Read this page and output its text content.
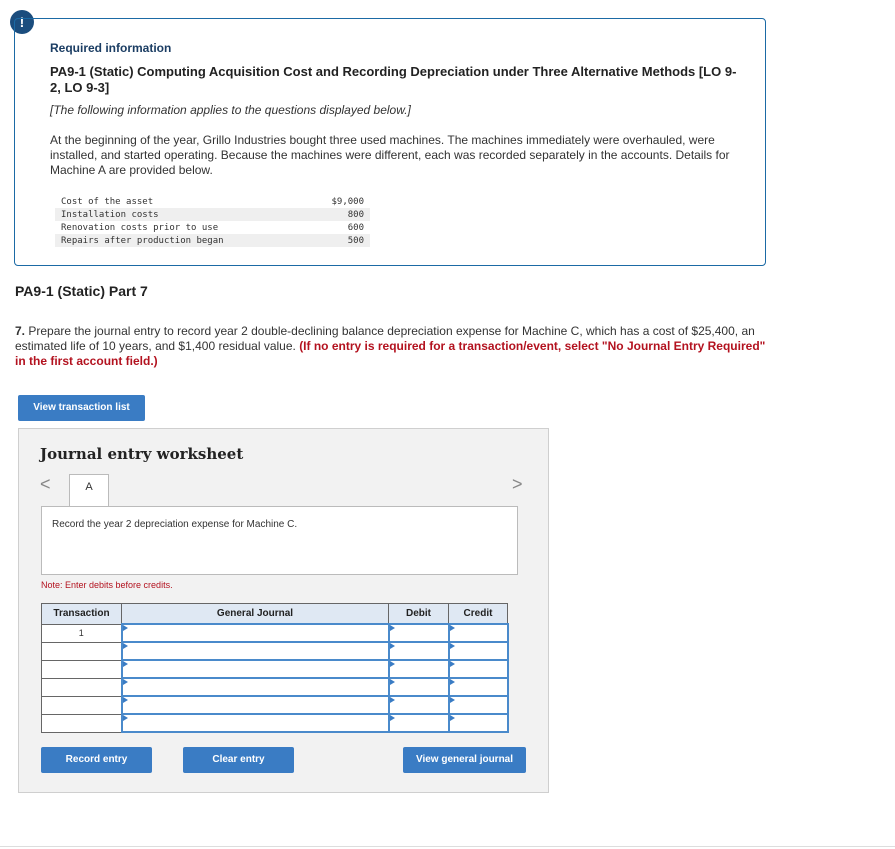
!
Required information
PA9-1 (Static) Computing Acquisition Cost and Recording Depreciation under Three Alternative Methods [LO 9-2, LO 9-3]
[The following information applies to the questions displayed below.]
At the beginning of the year, Grillo Industries bought three used machines. The machines immediately were overhauled, were installed, and started operating. Because the machines were different, each was recorded separately in the accounts. Details for Machine A are provided below.
Cost of the asset	$9,000
Installation costs	800
Renovation costs prior to use	600
Repairs after production began	500
PA9-1 (Static) Part 7
7. Prepare the journal entry to record year 2 double-declining balance depreciation expense for Machine C, which has a cost of $25,400, an estimated life of 10 years, and $1,400 residual value. (If no entry is required for a transaction/event, select "No Journal Entry Required" in the first account field.)
View transaction list
Journal entry worksheet
<	>
A
Record the year 2 depreciation expense for Machine C.
Note: Enter debits before credits.
Transaction	General Journal	Debit	Credit
1			

Record entry	Clear entry	View general journal
